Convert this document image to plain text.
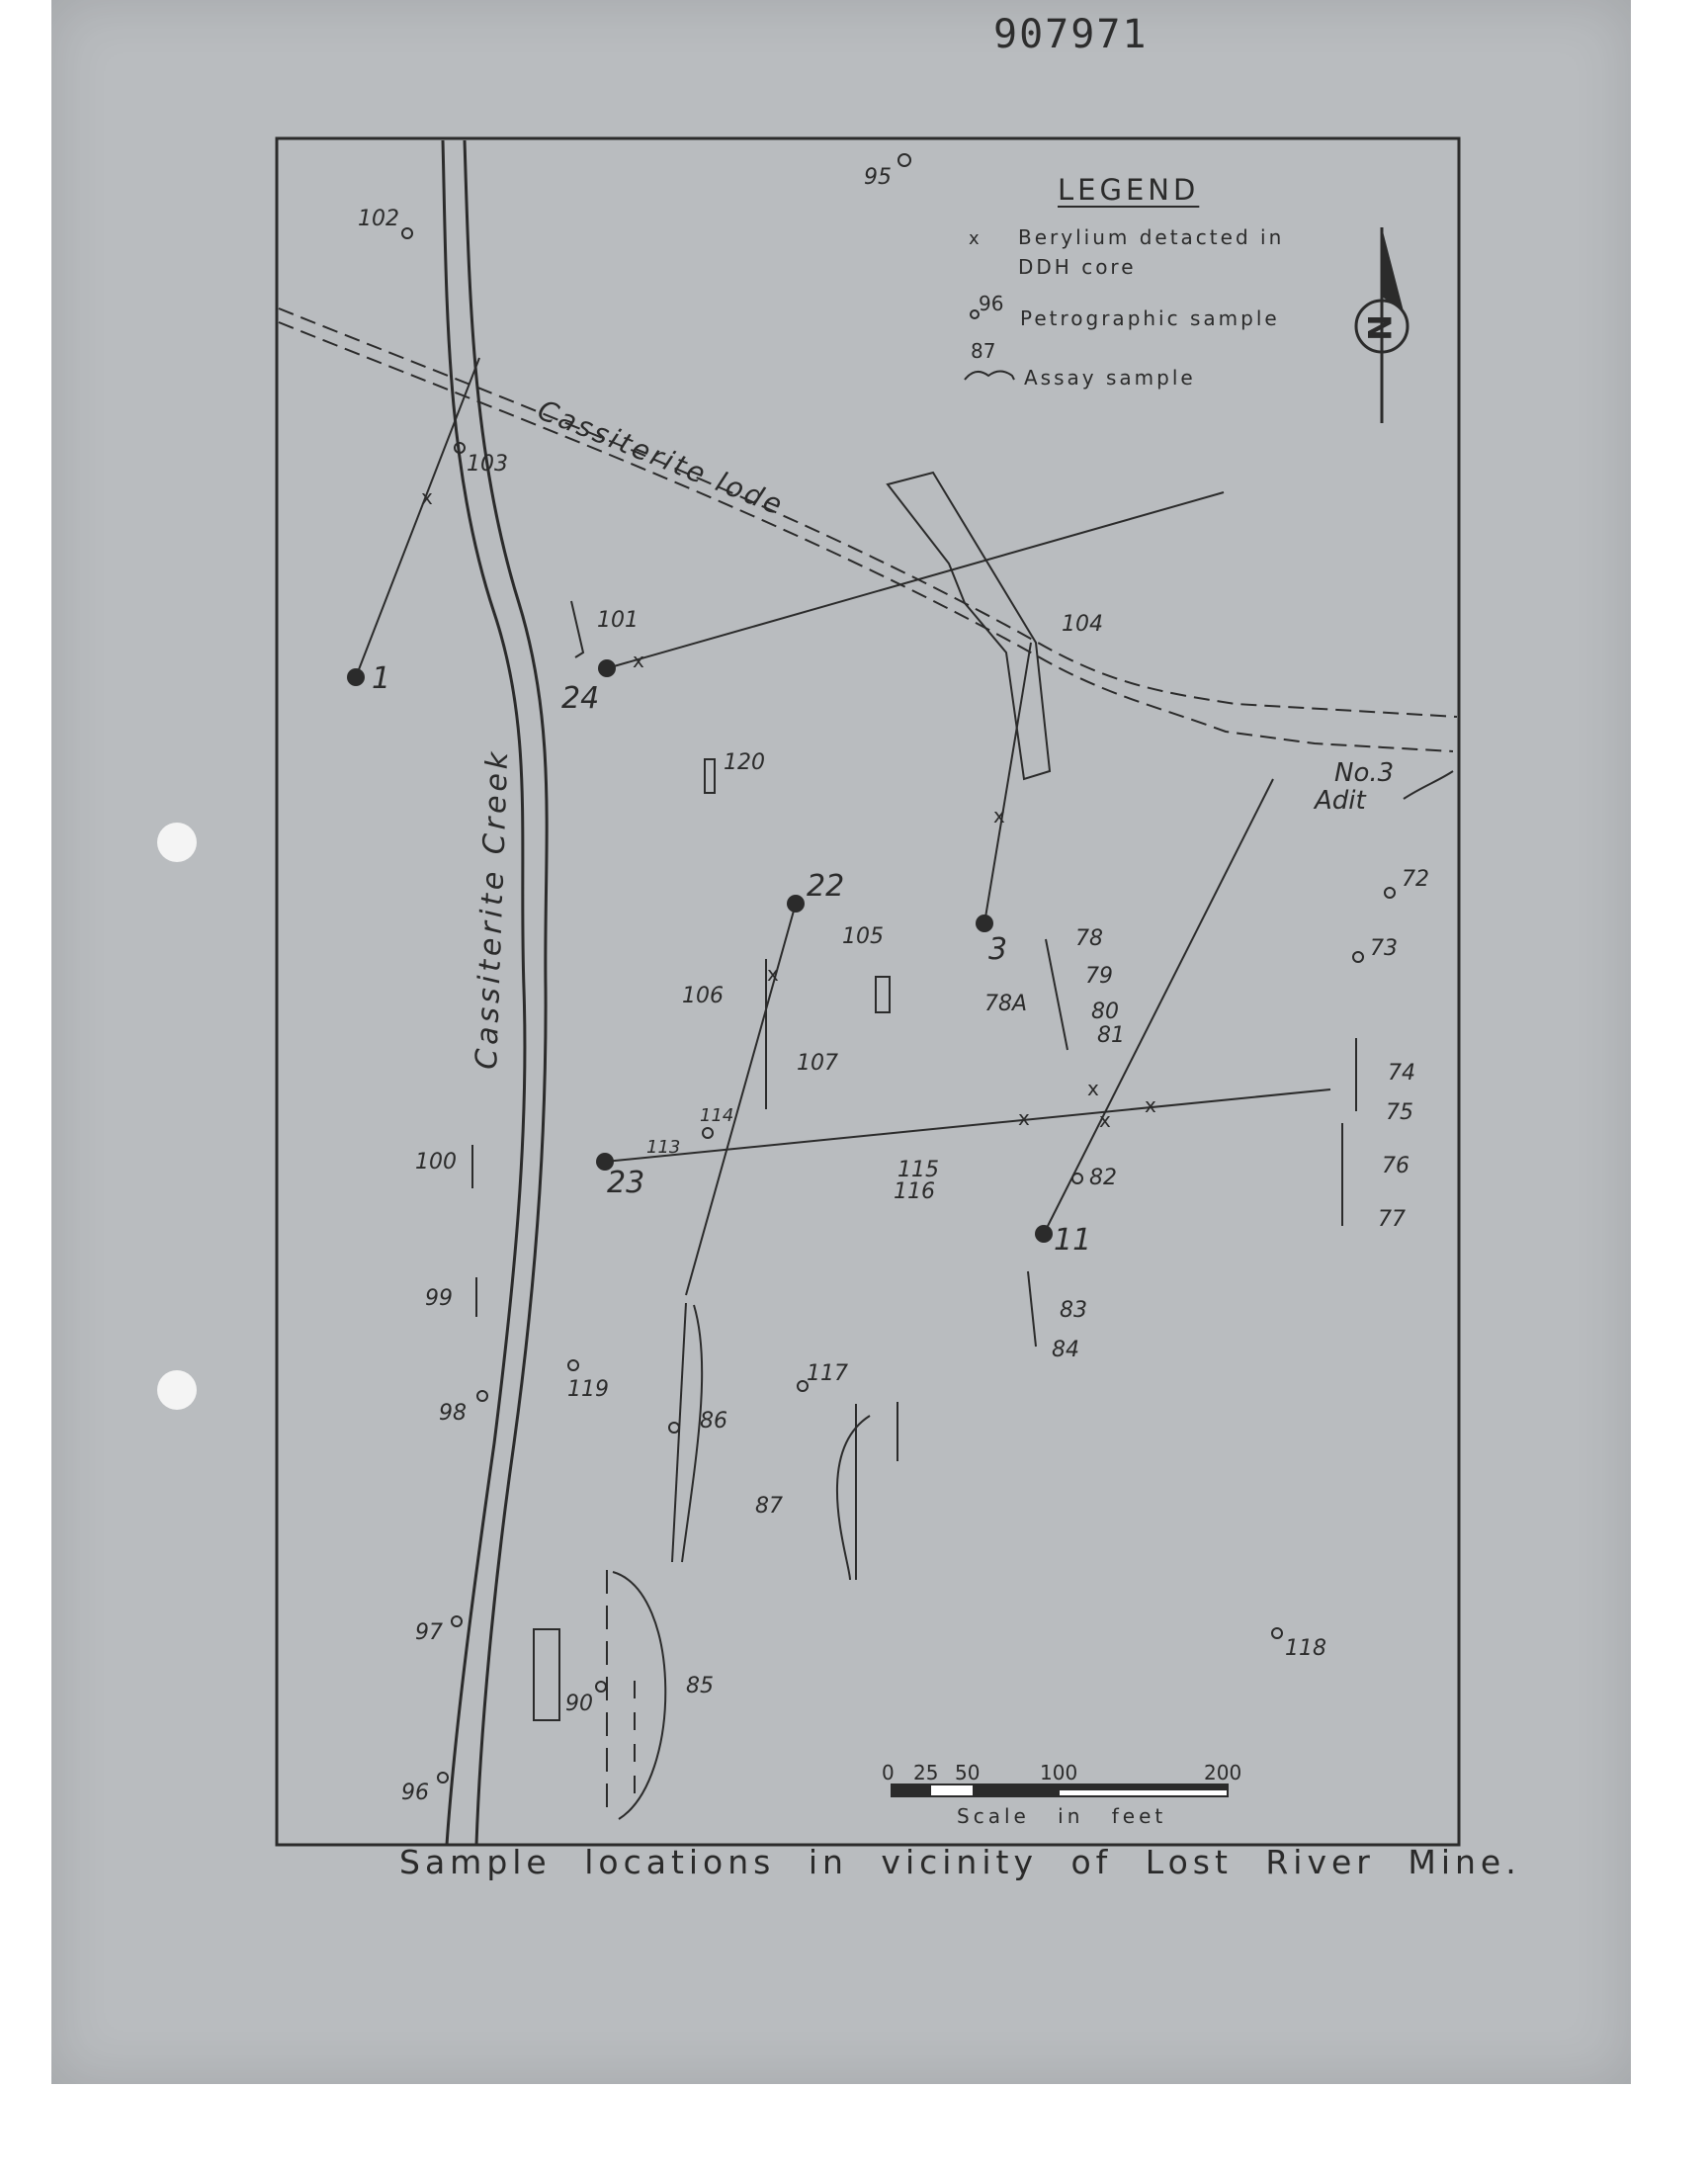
907971
x
x
x
x
x
x
x
x
N
x
0 25 50	100	200
Scale in feet
Cassiterite Creek
Cassiterite lode
No.3
Adit
1
24
22
3
23
11
102
95
103
101	104
120
105
106
107
78
79
78A	80
81
72
73
74
75
76
77
114
113
115
116
82
100
99
98
119
117
86
87
83
84
97
90
85
96
118
96
87
LEGEND
Berylium detacted in
DDH core
Petrographic sample
Assay sample
Sample locations in vicinity of Lost River Mine.
